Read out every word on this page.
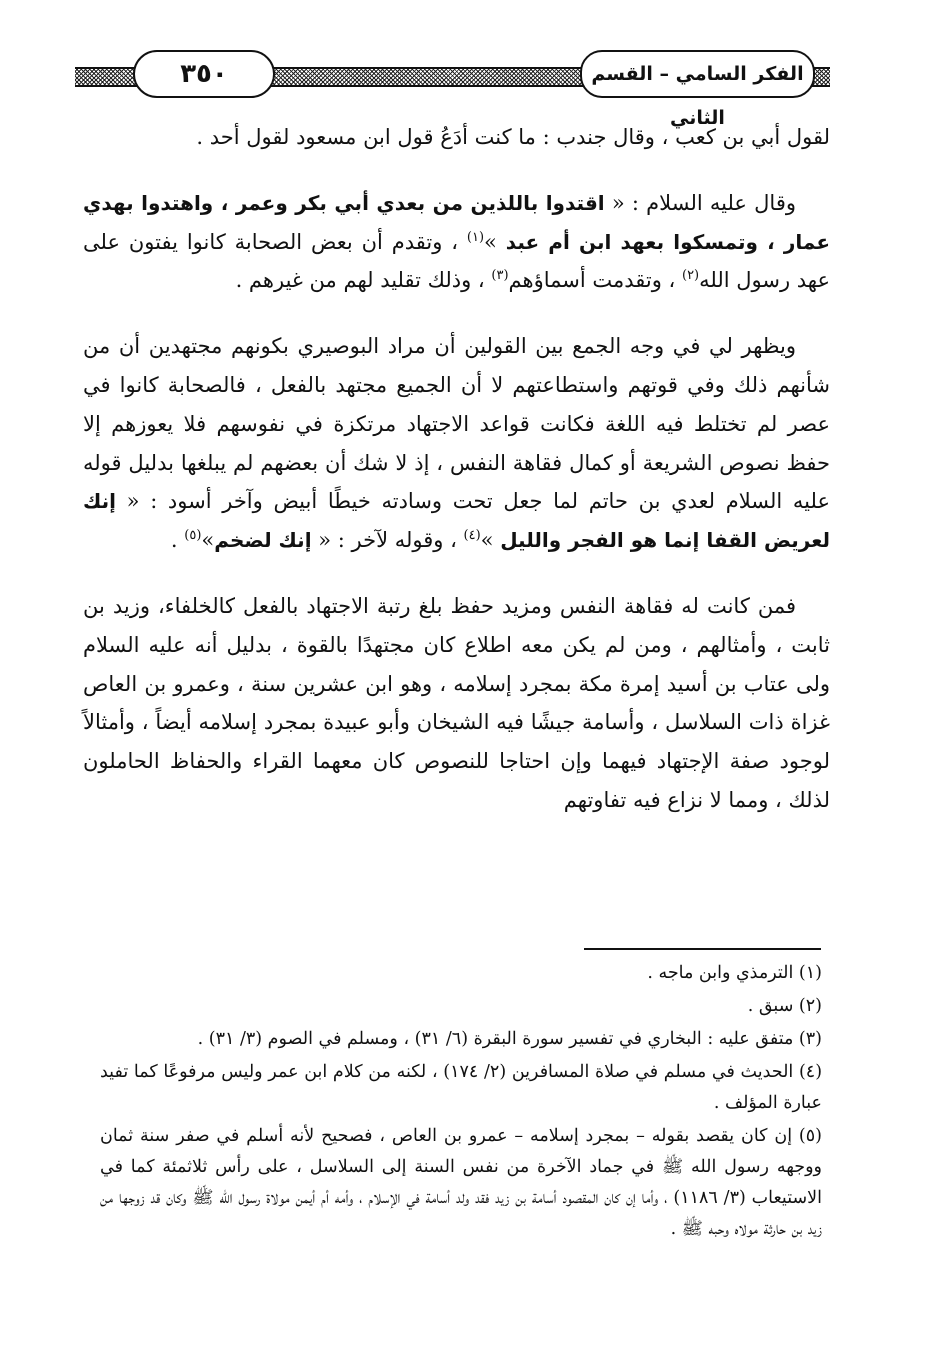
٣٥٠	الفكر السامي – القسم الثاني

لقول أبي بن كعب ، وقال جندب : ما كنت أدَعُ قول ابن مسعود لقول أحد .

وقال عليه السلام : « اقتدوا باللذين من بعدي أبي بكر وعمر ، واهتدوا بهدي عمار ، وتمسكوا بعهد ابن أم عبد »$^{(١)}$ ، وتقدم أن بعض الصحابة كانوا يفتون على عهد رسول الله$^{(٢)}$ ، وتقدمت أسماؤهم$^{(٣)}$ ، وذلك تقليد لهم من غيرهم .

ويظهر لي في وجه الجمع بين القولين أن مراد البوصيري بكونهم مجتهدين أن من شأنهم ذلك وفي قوتهم واستطاعتهم لا أن الجميع مجتهد بالفعل ، فالصحابة كانوا في عصر لم تختلط فيه اللغة فكانت قواعد الاجتهاد مرتكزة في نفوسهم فلا يعوزهم إلا حفظ نصوص الشريعة أو كمال فقاهة النفس ، إذ لا شك أن بعضهم لم يبلغها بدليل قوله عليه السلام لعدي بن حاتم لما جعل تحت وسادته خيطًا أبيض وآخر أسود : « إنك لعريض القفا إنما هو الفجر والليل »$^{(٤)}$ ، وقوله لآخر : « إنك لضخم»$^{(٥)}$ .

فمن كانت له فقاهة النفس ومزيد حفظ بلغ رتبة الاجتهاد بالفعل كالخلفاء، وزيد بن ثابت ، وأمثالهم ، ومن لم يكن معه اطلاع كان مجتهدًا بالقوة ، بدليل أنه عليه السلام ولى عتاب بن أسيد إمرة مكة بمجرد إسلامه ، وهو ابن عشرين سنة ، وعمرو بن العاص غزاة ذات السلاسل ، وأسامة جيشًا فيه الشيخان وأبو عبيدة بمجرد إسلامه أيضاً ، وأمثالاً لوجود صفة الإجتهاد فيهما وإن احتاجا للنصوص كان معهما القراء والحفاظ الحاملون لذلك ، ومما لا نزاع فيه تفاوتهم

(١) الترمذي وابن ماجه .

(٢) سبق .

(٣) متفق عليه : البخاري في تفسير سورة البقرة (٦/ ٣١) ، ومسلم في الصوم (٣/ ٣١) .

(٤) الحديث في مسلم في صلاة المسافرين (٢/ ١٧٤) ، لكنه من كلام ابن عمر وليس مرفوعًا كما تفيد عبارة المؤلف .

(٥) إن كان يقصد بقوله – بمجرد إسلامه – عمرو بن العاص ، فصحيح لأنه أسلم في صفر سنة ثمان ووجهه رسول الله ﷺ في جماد الآخرة من نفس السنة إلى السلاسل ، على رأس ثلاثمئة كما في الاستيعاب (٣/ ١١٨٦) ، وأما إن كان المقصود أسامة بن زيد فقد ولد أسامة في الإسلام ، وأمه أم أيمن مولاة رسول الله ﷺ وكان قد زوجها من زيد بن حارثة مولاه وحبه ﷺ .
